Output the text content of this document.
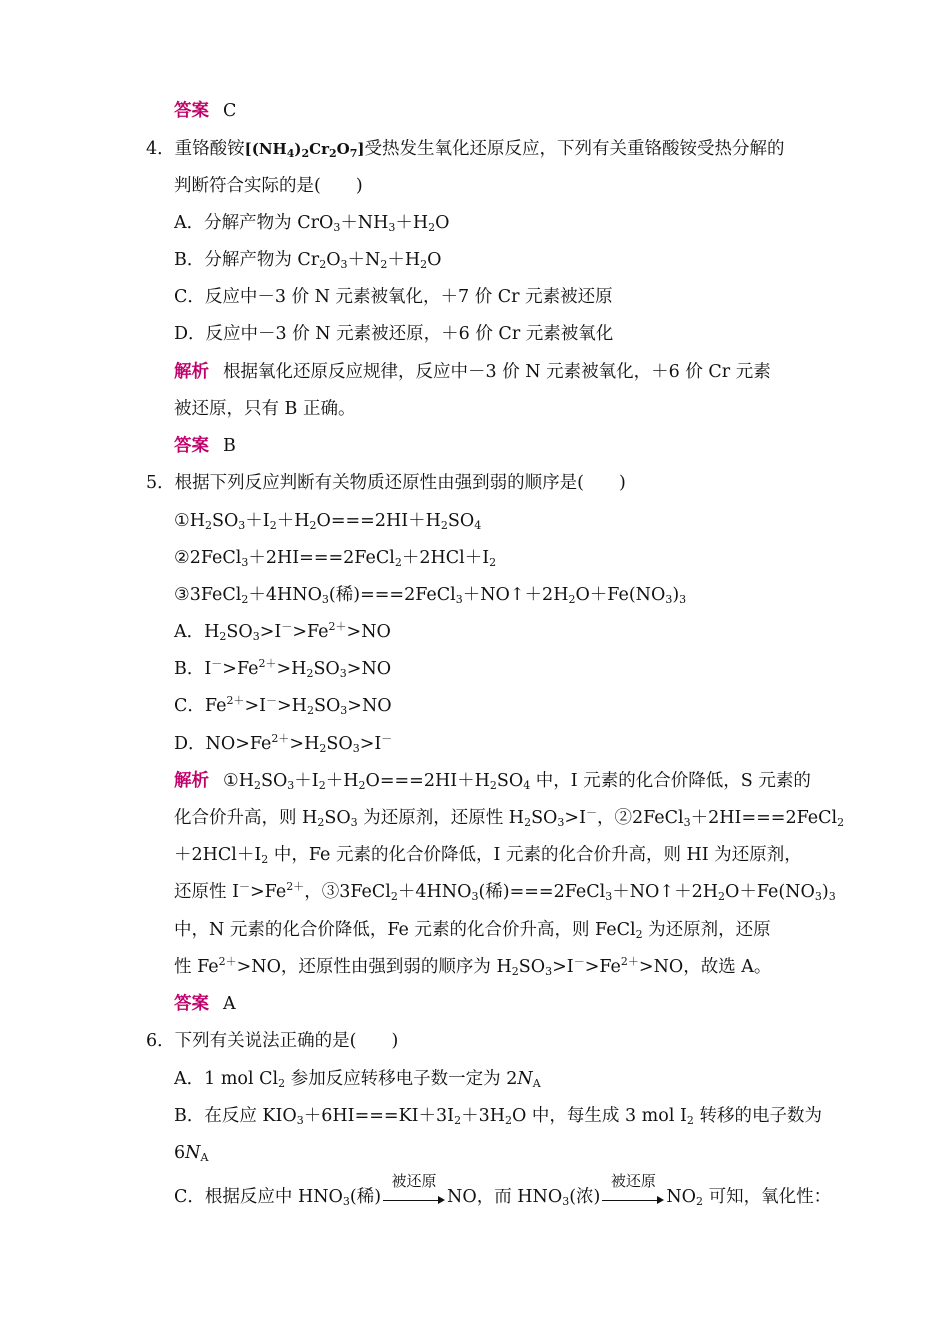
答案 C
4．重铬酸铵$[(NH_4)_2Cr_2O_7]$受热发生氧化还原反应，下列有关重铬酸铵受热分解的
判断符合实际的是(　　)
A．分解产物为 $CrO_3+NH_3+H_2O$
B．分解产物为 $Cr_2O_3+N_2+H_2O$
C．反应中－3 价 N 元素被氧化，＋7 价 Cr 元素被还原
D．反应中－3 价 N 元素被还原，＋6 价 Cr 元素被氧化
解析 根据氧化还原反应规律，反应中－3 价 N 元素被氧化，＋6 价 Cr 元素
被还原，只有 B 正确。
答案 B
5．根据下列反应判断有关物质还原性由强到弱的顺序是(　　)
$①H_2SO_3+I_2+H_2O===2HI+H_2SO_4$
$②2FeCl_3+2HI===2FeCl_2+2HCl+I_2$
$③3FeCl_2+4HNO_3$(稀)$===2FeCl_3+NO↑+2H_2O+Fe(NO_3)_3$
A．$H_2SO_3>I^->Fe^{2+}>NO$
B．$I^->Fe^{2+}>H_2SO_3>NO$
C．$Fe^{2+}>I^->H_2SO_3>NO$
D．$NO>Fe^{2+}>H_2SO_3>I^-$
解析 $①H_2SO_3+I_2+H_2O===2HI+H_2SO_4$ 中，I 元素的化合价降低，S 元素的
化合价升高，则 $H_2SO_3$ 为还原剂，还原性 $H_2SO_3>I^-$，②2FeCl$_3$＋2HI===2FeCl$_2$
$+2HCl+I_2$ 中，Fe 元素的化合价降低，I 元素的化合价升高，则 HI 为还原剂，
还原性 $I^->Fe^{2+}$，$③3FeCl_2+4HNO_3$(稀)$===2FeCl_3+NO↑+2H_2O+Fe(NO_3)_3$
中，N 元素的化合价降低，Fe 元素的化合价升高，则 FeCl$_2$ 为还原剂，还原
性 $Fe^{2+}>NO$，还原性由强到弱的顺序为 $H_2SO_3>I^->Fe^{2+}>NO$，故选 A。
答案 A
6．下列有关说法正确的是(　　)
A．1 mol $Cl_2$ 参加反应转移电子数一定为 $2N_A$
B．在反应 $KIO_3+6HI===KI+3I_2+3H_2O$ 中，每生成 3 mol $I_2$ 转移的电子数为
$6N_A$
C．根据反应中 $HNO_3$(稀)
被还原
NO，而 $HNO_3$(浓)
被还原
$NO_2$ 可知，氧化性：
